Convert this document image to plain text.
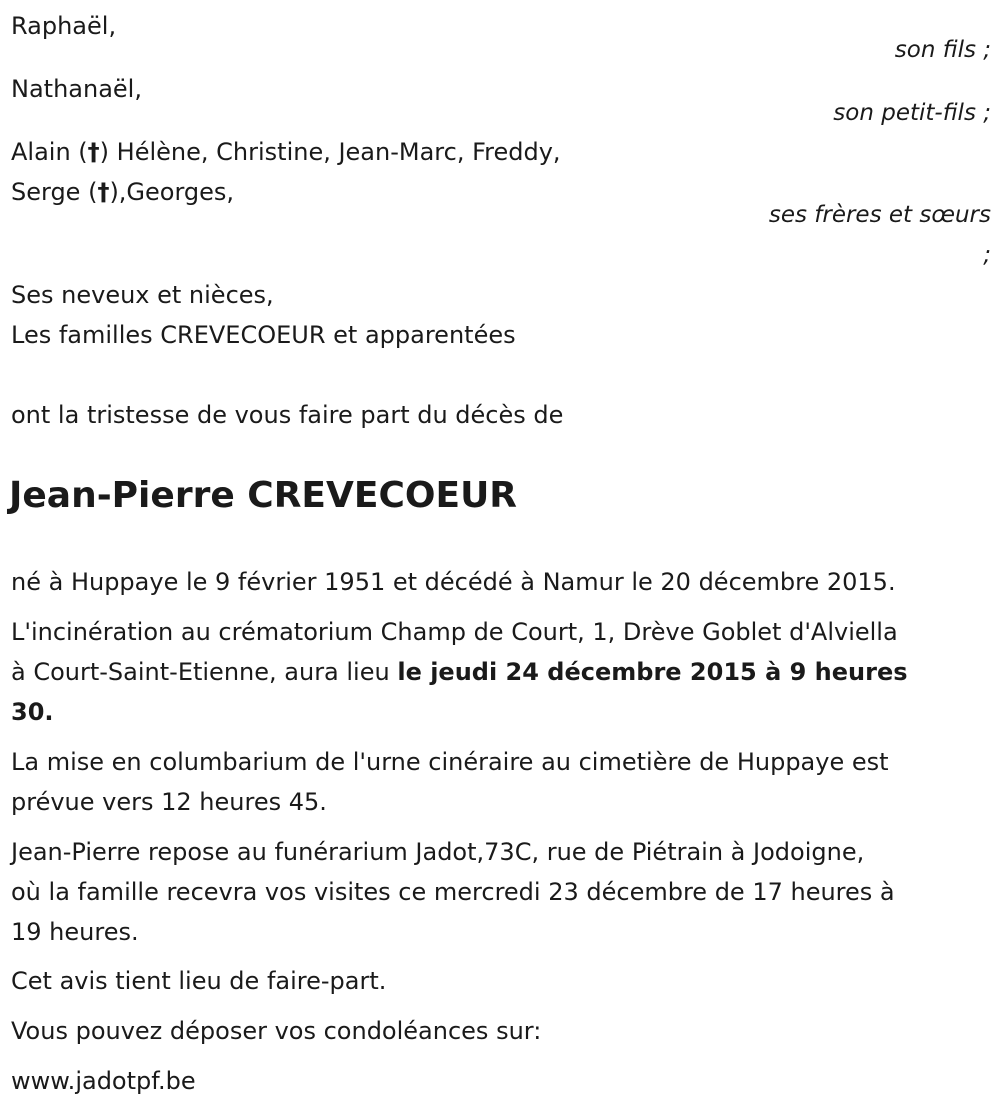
Raphaël,
son fils ;
Nathanaël,
son petit-fils ;
Alain (†) Hélène, Christine, Jean-Marc, Freddy,
Serge (†),Georges,
ses frères et sœurs
;
Ses neveux et nièces,
Les familles CREVECOEUR et apparentées
ont la tristesse de vous faire part du décès de
Jean-Pierre CREVECOEUR
né à Huppaye le 9 février 1951 et décédé à Namur le 20 décembre 2015.
L'incinération au crématorium Champ de Court, 1, Drève Goblet d'Alviella
à Court-Saint-Etienne, aura lieu le jeudi 24 décembre 2015 à 9 heures
30.
La mise en columbarium de l'urne cinéraire au cimetière de Huppaye est
prévue vers 12 heures 45.
Jean-Pierre repose au funérarium Jadot,73C, rue de Piétrain à Jodoigne,
où la famille recevra vos visites ce mercredi 23 décembre de 17 heures à
19 heures.
Cet avis tient lieu de faire-part.
Vous pouvez déposer vos condoléances sur:
www.jadotpf.be
